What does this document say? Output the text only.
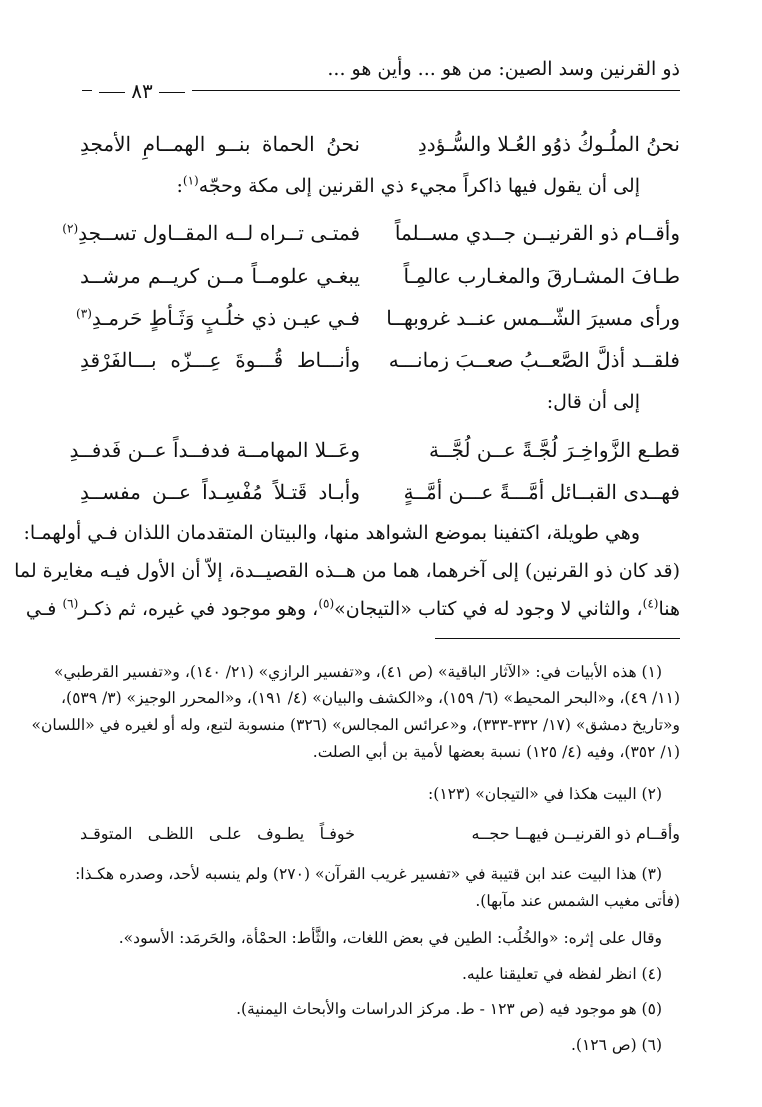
ذو القرنين وسد الصين: من هو ... وأين هو ...
٨٣
نحنُ الملُـوكُ ذوُو العُـلا والسُّـؤددِ
نحنُ الحماة بنــو الهمــامِ الأمجدِ
إلى أن يقول فيها ذاكراً مجيء ذي القرنين إلى مكة وحجّه$^{(١)}$:
وأقــام ذو القرنيــن جــدي مســلماً
فمتـى تــراه لــه المقــاول تســجدِ$^{(٢)}$
طـافَ المشـارقَ والمغـارب عالمِـاً
يبغـي علومــاً مــن كريــم مرشــد
ورأى مسيرَ الشّــمس عنــد غروبهــا
فـي عيـن ذي خلُـبٍ وَثَـأطٍ حَرمـدِ$^{(٣)}$
فلقــد أذلَّ الصَّعــبُ صعــبَ زمانـــه
وأنـــاط قُـــوةَ عِـــزّه بـــالفَرْقدِ
إلى أن قال:
قطـع الزَّواخِـرَ لُجَّـةً عــن لُجَّــة
وعَــلا المهامــة فدفــداً عــن فَدفــدِ
فهــدى القبــائل أمَّـــةً عـــن أمَّــةٍ
وأبـاد قَتـلاً مُفْسِـداً عــن مفســدِ
وهي طويلة، اكتفينا بموضع الشواهد منها، والبيتان المتقدمان اللذان فـي أولهمـا:
(قد كان ذو القرنين) إلى آخرهما، هما من هــذه القصيــدة، إلاّ أن الأول فيـه مغايرة لما
هنا$^{(٤)}$، والثاني لا وجود له في كتاب «التيجان»$^{(٥)}$، وهو موجود في غيره، ثم ذكـر$^{(٦)}$ فـي
(١) هذه الأبيات في: «الآثار الباقية» (ص ٤١)، و«تفسير الرازي» (٢١/ ١٤٠)، و«تفسير القرطبي»
(١١/ ٤٩)، و«البحر المحيط» (٦/ ١٥٩)، و«الكشف والبيان» (٤/ ١٩١)، و«المحرر الوجيز» (٣/ ٥٣٩)،
و«تاريخ دمشق» (١٧/ ٣٣٢-٣٣٣)، و«عرائس المجالس» (٣٢٦) منسوبة لتبع، وله أو لغيره في «اللسان»
(١/ ٣٥٢)، وفيه (٤/ ١٢٥) نسبة بعضها لأمية بن أبي الصلت.
(٢) البيت هكذا في «التيجان» (١٢٣):
وأقــام ذو القرنيــن فيهــا حجــه
خوفـاً يطـوف علـى اللظـى المتوقـد
(٣) هذا البيت عند ابن قتيبة في «تفسير غريب القرآن» (٢٧٠) ولم ينسبه لأحد، وصدره هكـذا:
(فأتى مغيب الشمس عند مآبها).
وقال على إثره: «والخُلُب: الطين في بعض اللغات، والثَّأط: الحمْأة، والحَرمَد: الأسود».
(٤) انظر لفظه في تعليقنا عليه.
(٥) هو موجود فيه (ص ١٢٣ - ط. مركز الدراسات والأبحاث اليمنية).
(٦) (ص ١٢٦).
